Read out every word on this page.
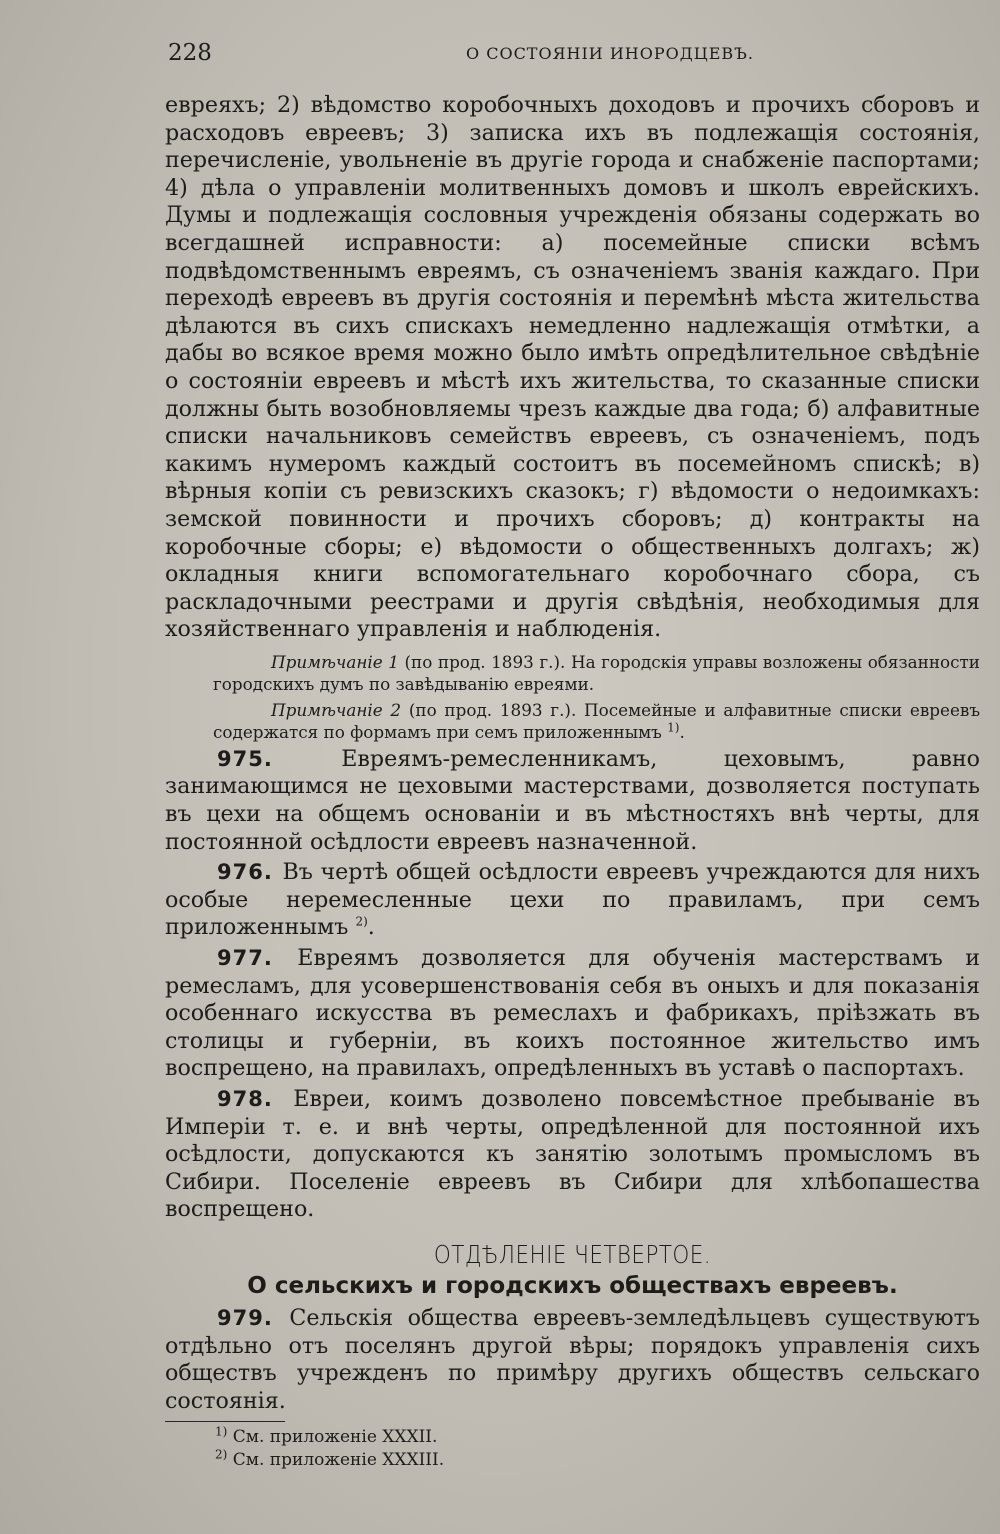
228	О СОСТОЯНІИ ИНОРОДЦЕВЪ.

евреяхъ; 2) вѣдомство коробочныхъ доходовъ и прочихъ сборовъ и расходовъ евреевъ; 3) записка ихъ въ подлежащія состоянія, перечисленіе, увольненіе въ другіе города и снабженіе паспортами; 4) дѣла о управленіи молитвенныхъ домовъ и школъ еврейскихъ. Думы и подлежащія сословныя учрежденія обязаны содержать во всегдашней исправности: а) посемейные списки всѣмъ подвѣдомственнымъ евреямъ, съ означеніемъ званія каждаго. При переходѣ евреевъ въ другія состоянія и перемѣнѣ мѣста жительства дѣлаются въ сихъ спискахъ немедленно надлежащія отмѣтки, а дабы во всякое время можно было имѣть опредѣлительное свѣдѣніе о состояніи евреевъ и мѣстѣ ихъ жительства, то сказанные списки должны быть возобновляемы чрезъ каждые два года; б) алфавитные списки начальниковъ семействъ евреевъ, съ означеніемъ, подъ какимъ нумеромъ каждый состоитъ въ посемейномъ спискѣ; в) вѣрныя копіи съ ревизскихъ сказокъ; г) вѣдомости о недоимкахъ: земской повинности и прочихъ сборовъ; д) контракты на коробочные сборы; е) вѣдомости о общественныхъ долгахъ; ж) окладныя книги вспомогательнаго коробочнаго сбора, съ раскладочными реестрами и другія свѣдѣнія, необходимыя для хозяйственнаго управленія и наблюденія.

Примѣчаніе 1 (по прод. 1893 г.). На городскія управы возложены обязанности городскихъ думъ по завѣдыванію евреями.

Примѣчаніе 2 (по прод. 1893 г.). Посемейные и алфавитные списки евреевъ содержатся по формамъ при семъ приложеннымъ $^{1)}$.

975. Евреямъ-ремесленникамъ, цеховымъ, равно занимающимся не цеховыми мастерствами, дозволяется поступать въ цехи на общемъ основаніи и въ мѣстностяхъ внѣ черты, для постоянной осѣдлости евреевъ назначенной.

976. Въ чертѣ общей осѣдлости евреевъ учреждаются для нихъ особые неремесленные цехи по правиламъ, при семъ приложеннымъ $^{2)}$.

977. Евреямъ дозволяется для обученія мастерствамъ и ремесламъ, для усовершенствованія себя въ оныхъ и для показанія особеннаго искусства въ ремеслахъ и фабрикахъ, пріѣзжать въ столицы и губерніи, въ коихъ постоянное жительство имъ воспрещено, на правилахъ, опредѣленныхъ въ уставѣ о паспортахъ.

978. Евреи, коимъ дозволено повсемѣстное пребываніе въ Имперіи т. е. и внѣ черты, опредѣленной для постоянной ихъ осѣдлости, допускаются къ занятію золотымъ промысломъ въ Сибири. Поселеніе евреевъ въ Сибири для хлѣбопашества воспрещено.

ОТДѢЛЕНІЕ ЧЕТВЕРТОЕ.
О сельскихъ и городскихъ обществахъ евреевъ.

979. Сельскія общества евреевъ-земледѣльцевъ существуютъ отдѣльно отъ поселянъ другой вѣры; порядокъ управленія сихъ обществъ учрежденъ по примѣру другихъ обществъ сельскаго состоянія.

$^{1)}$ См. приложеніе XXXII.

$^{2)}$ См. приложеніе XXXIII.
